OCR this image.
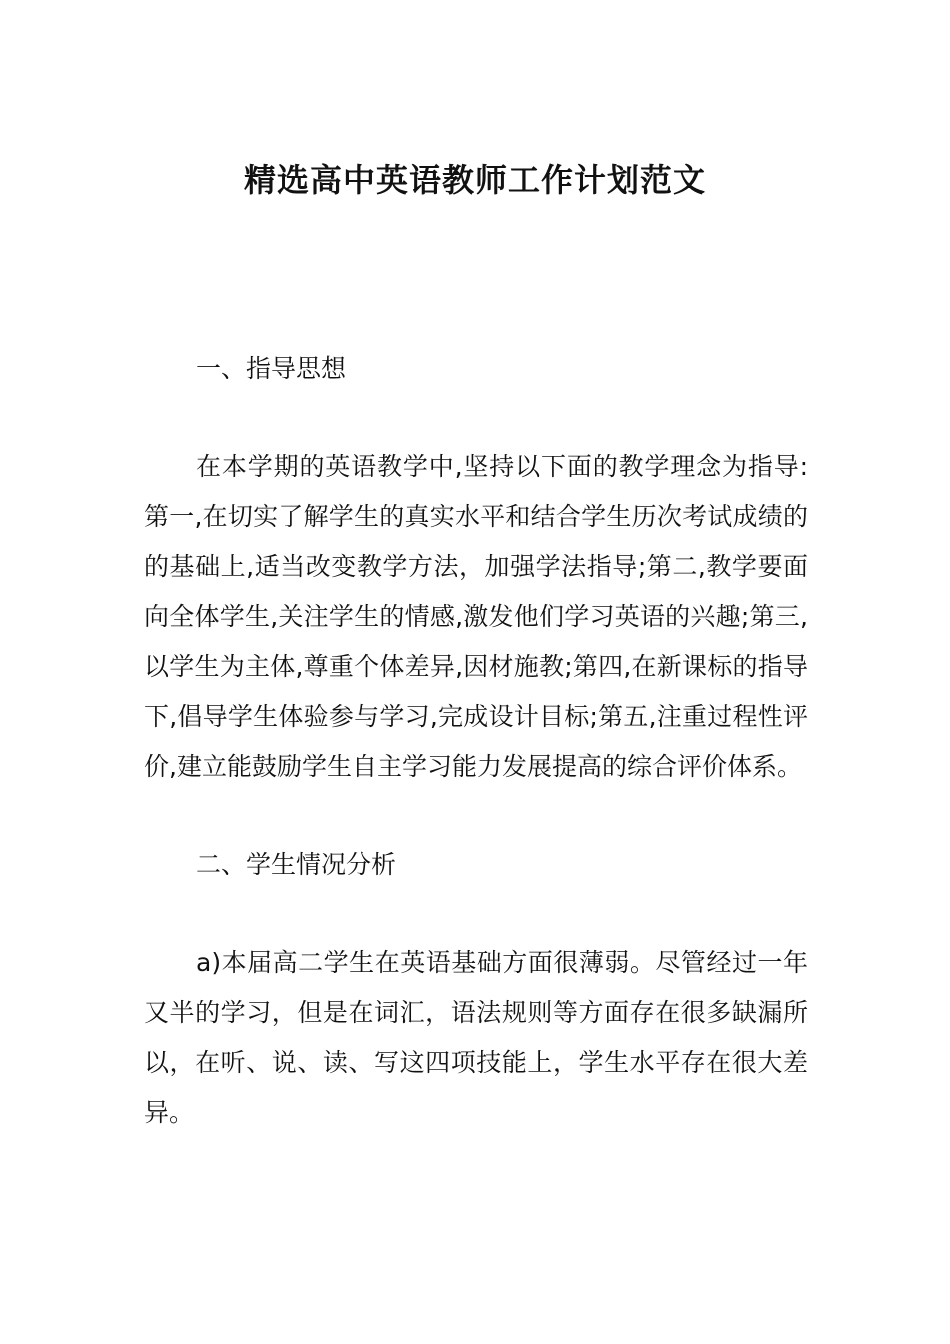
精选高中英语教师工作计划范文
一、指导思想

在本学期的英语教学中,坚持以下面的教学理念为指导:第一,在切实了解学生的真实水平和结合学生历次考试成绩的的基础上,适当改变教学方法，加强学法指导;第二,教学要面向全体学生,关注学生的情感,激发他们学习英语的兴趣;第三,以学生为主体,尊重个体差异,因材施教;第四,在新课标的指导下,倡导学生体验参与学习,完成设计目标;第五,注重过程性评价,建立能鼓励学生自主学习能力发展提高的综合评价体系。

二、学生情况分析

a)本届高二学生在英语基础方面很薄弱。尽管经过一年又半的学习，但是在词汇，语法规则等方面存在很多缺漏所以，在听、说、读、写这四项技能上，学生水平存在很大差异。
